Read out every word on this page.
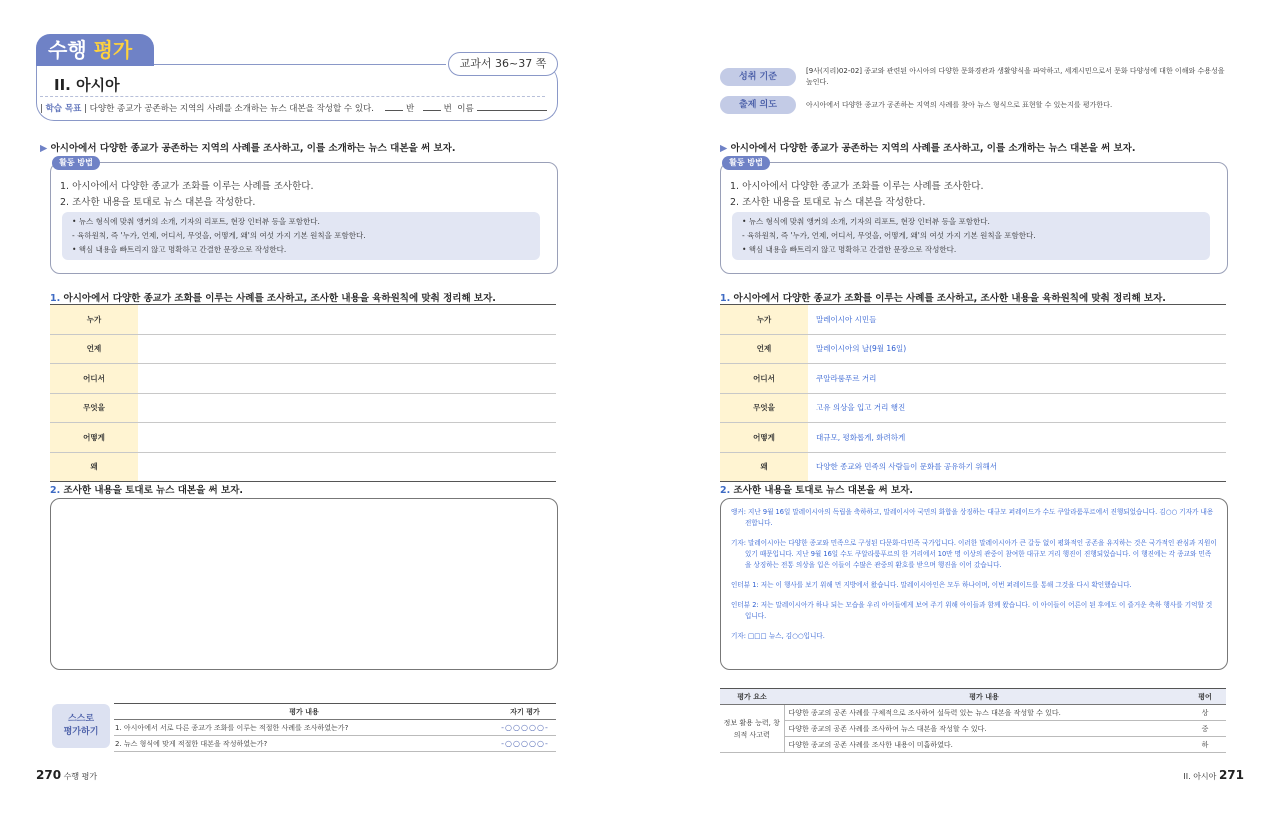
수행 평가
교과서 36~37 쪽
II. 아시아
| 학습 목표 | 다양한 종교가 공존하는 지역의 사례를 소개하는 뉴스 대본을 작성할 수 있다.	반	번 이름
▶ 아시아에서 다양한 종교가 공존하는 지역의 사례를 조사하고, 이를 소개하는 뉴스 대본을 써 보자.
활동 방법
1. 아시아에서 다양한 종교가 조화를 이루는 사례를 조사한다.
2. 조사한 내용을 토대로 뉴스 대본을 작성한다.
• 뉴스 형식에 맞춰 앵커의 소개, 기자의 리포트, 현장 인터뷰 등을 포함한다.
- 육하원칙, 즉 '누가, 언제, 어디서, 무엇을, 어떻게, 왜'의 여섯 가지 기본 원칙을 포함한다.
• 핵심 내용을 빠트리지 않고 명확하고 간결한 문장으로 작성한다.
1. 아시아에서 다양한 종교가 조화를 이루는 사례를 조사하고, 조사한 내용을 육하원칙에 맞춰 정리해 보자.
누가	
언제	
어디서	
무엇을	
어떻게	
왜	
2. 조사한 내용을 토대로 뉴스 대본을 써 보자.
스스로
평가하기
평가 내용	자기 평가
1. 아시아에서 서로 다른 종교가 조화를 이루는 적절한 사례를 조사하였는가?	-○○○○○-
2. 뉴스 형식에 맞게 적절한 대본을 작성하였는가?	-○○○○○-
270 수행 평가
성취 기준
[9사(지리)02-02] 종교와 관련된 아시아의 다양한 문화경관과 생활양식을 파악하고, 세계시민으로서 문화 다양성에 대한 이해와 수용성을 높인다.
출제 의도	아시아에서 다양한 종교가 공존하는 지역의 사례를 찾아 뉴스 형식으로 표현할 수 있는지를 평가한다.
▶ 아시아에서 다양한 종교가 공존하는 지역의 사례를 조사하고, 이를 소개하는 뉴스 대본을 써 보자.
활동 방법
1. 아시아에서 다양한 종교가 조화를 이루는 사례를 조사한다.
2. 조사한 내용을 토대로 뉴스 대본을 작성한다.
• 뉴스 형식에 맞춰 앵커의 소개, 기자의 리포트, 현장 인터뷰 등을 포함한다.
- 육하원칙, 즉 '누가, 언제, 어디서, 무엇을, 어떻게, 왜'의 여섯 가지 기본 원칙을 포함한다.
• 핵심 내용을 빠트리지 않고 명확하고 간결한 문장으로 작성한다.
1. 아시아에서 다양한 종교가 조화를 이루는 사례를 조사하고, 조사한 내용을 육하원칙에 맞춰 정리해 보자.
누가	말레이시아 시민들
언제	말레이시아의 날(9월 16일)
어디서	쿠알라룸푸르 거리
무엇을	고유 의상을 입고 거리 행진
어떻게	대규모, 평화롭게, 화려하게
왜	다양한 종교와 민족의 사람들이 문화를 공유하기 위해서
2. 조사한 내용을 토대로 뉴스 대본을 써 보자.

앵커: 지난 9월 16일 말레이시아의 독립을 축하하고, 말레이시아 국민의 화합을 상징하는 대규모 퍼레이드가 수도 쿠알라룸푸르에서 진행되었습니다. 김○○ 기자가 내용 전합니다.

기자: 말레이시아는 다양한 종교와 민족으로 구성된 다문화·다민족 국가입니다. 이러한 말레이시아가 큰 갈등 없이 평화적인 공존을 유지하는 것은 국가적인 관심과 지원이 있기 때문입니다. 지난 9월 16일 수도 쿠알라룸푸르의 한 거리에서 10만 명 이상의 관중이 참여한 대규모 거리 행진이 진행되었습니다. 이 행진에는 각 종교와 민족을 상징하는 전통 의상을 입은 이들이 수많은 관중의 환호를 받으며 행진을 이어 갔습니다.

인터뷰 1: 저는 이 행사를 보기 위해 먼 지방에서 왔습니다. 말레이시아인은 모두 하나이며, 이번 퍼레이드를 통해 그것을 다시 확인했습니다.

인터뷰 2: 저는 말레이시아가 하나 되는 모습을 우리 아이들에게 보여 주기 위해 아이들과 함께 왔습니다. 이 아이들이 어른이 된 후에도 이 즐거운 축하 행사를 기억할 것입니다.

기자: □□□ 뉴스, 김○○입니다.

평가 요소	평가 내용	평어
정보 활용 능력, 창의적 사고력	다양한 종교의 공존 사례를 구체적으로 조사하여 설득력 있는 뉴스 대본을 작성할 수 있다.	상
	다양한 종교의 공존 사례를 조사하여 뉴스 대본을 작성할 수 있다.	중
	다양한 종교의 공존 사례를 조사한 내용이 미흡하였다.	하
II. 아시아 271
